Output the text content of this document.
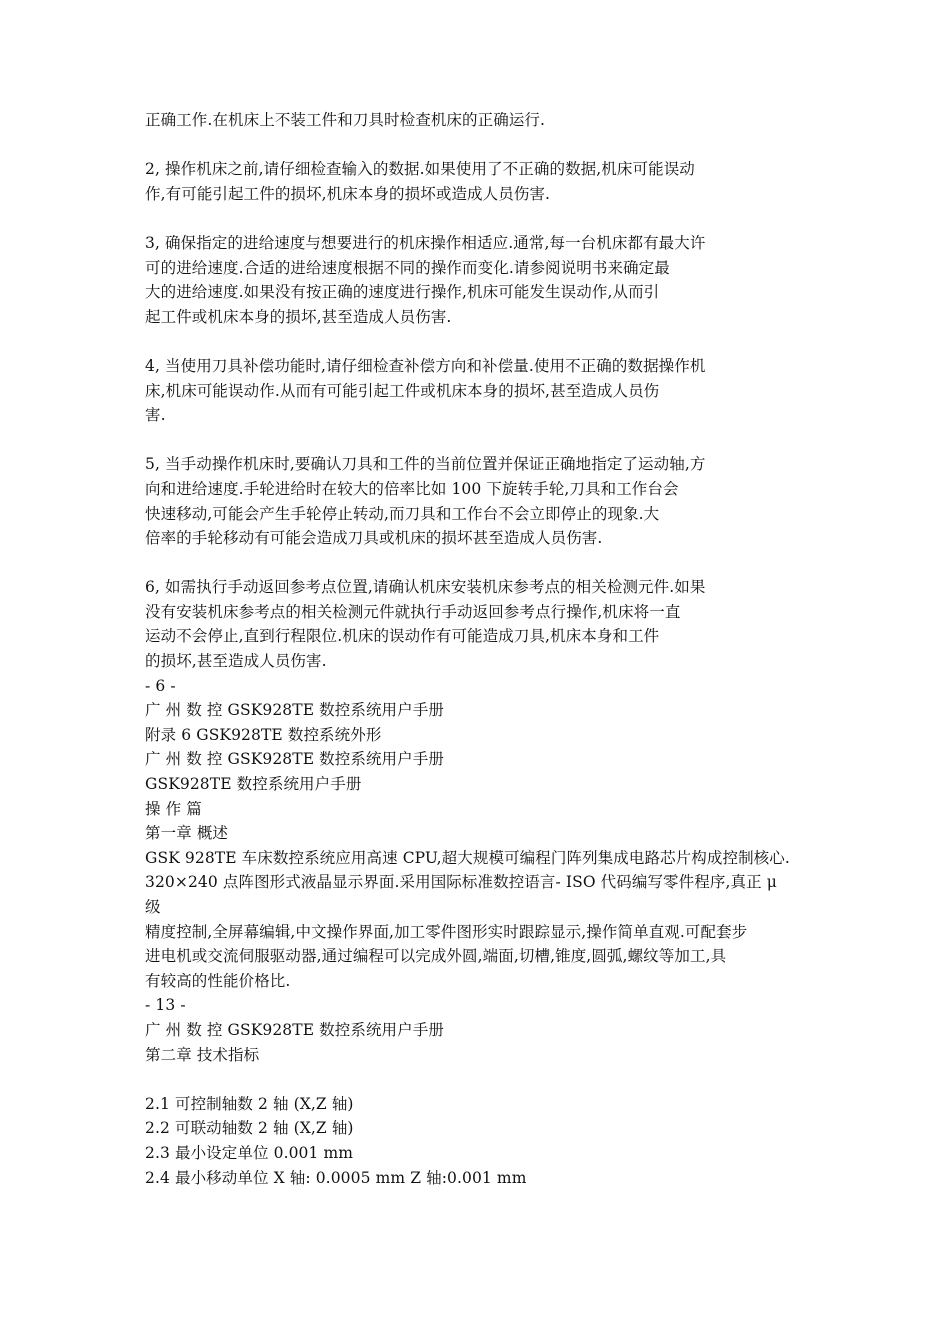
正确工作.在机床上不装工件和刀具时检查机床的正确运行.
2, 操作机床之前,请仔细检查输入的数据.如果使用了不正确的数据,机床可能误动
作,有可能引起工件的损坏,机床本身的损坏或造成人员伤害.
3, 确保指定的进给速度与想要进行的机床操作相适应.通常,每一台机床都有最大许
可的进给速度.合适的进给速度根据不同的操作而变化.请参阅说明书来确定最
大的进给速度.如果没有按正确的速度进行操作,机床可能发生误动作,从而引
起工件或机床本身的损坏,甚至造成人员伤害.
4, 当使用刀具补偿功能时,请仔细检查补偿方向和补偿量.使用不正确的数据操作机
床,机床可能误动作.从而有可能引起工件或机床本身的损坏,甚至造成人员伤
害.
5, 当手动操作机床时,要确认刀具和工件的当前位置并保证正确地指定了运动轴,方
向和进给速度.手轮进给时在较大的倍率比如 100 下旋转手轮,刀具和工作台会
快速移动,可能会产生手轮停止转动,而刀具和工作台不会立即停止的现象.大
倍率的手轮移动有可能会造成刀具或机床的损坏甚至造成人员伤害.
6, 如需执行手动返回参考点位置,请确认机床安装机床参考点的相关检测元件.如果
没有安装机床参考点的相关检测元件就执行手动返回参考点行操作,机床将一直
运动不会停止,直到行程限位.机床的误动作有可能造成刀具,机床本身和工件
的损坏,甚至造成人员伤害.
- 6 -
广 州 数 控 GSK928TE 数控系统用户手册
附录 6 GSK928TE 数控系统外形
广 州 数 控 GSK928TE 数控系统用户手册
GSK928TE 数控系统用户手册
操 作 篇
第一章 概述
GSK 928TE 车床数控系统应用高速 CPU,超大规模可编程门阵列集成电路芯片构成控制核心.
320×240 点阵图形式液晶显示界面.采用国际标准数控语言- ISO 代码编写零件程序,真正 μ
级
精度控制,全屏幕编辑,中文操作界面,加工零件图形实时跟踪显示,操作简单直观.可配套步
进电机或交流伺服驱动器,通过编程可以完成外圆,端面,切槽,锥度,圆弧,螺纹等加工,具
有较高的性能价格比.
- 13 -
广 州 数 控 GSK928TE 数控系统用户手册
第二章 技术指标
2.1 可控制轴数 2 轴 (X,Z 轴)
2.2 可联动轴数 2 轴 (X,Z 轴)
2.3 最小设定单位 0.001 mm
2.4 最小移动单位 X 轴: 0.0005 mm Z 轴:0.001 mm
